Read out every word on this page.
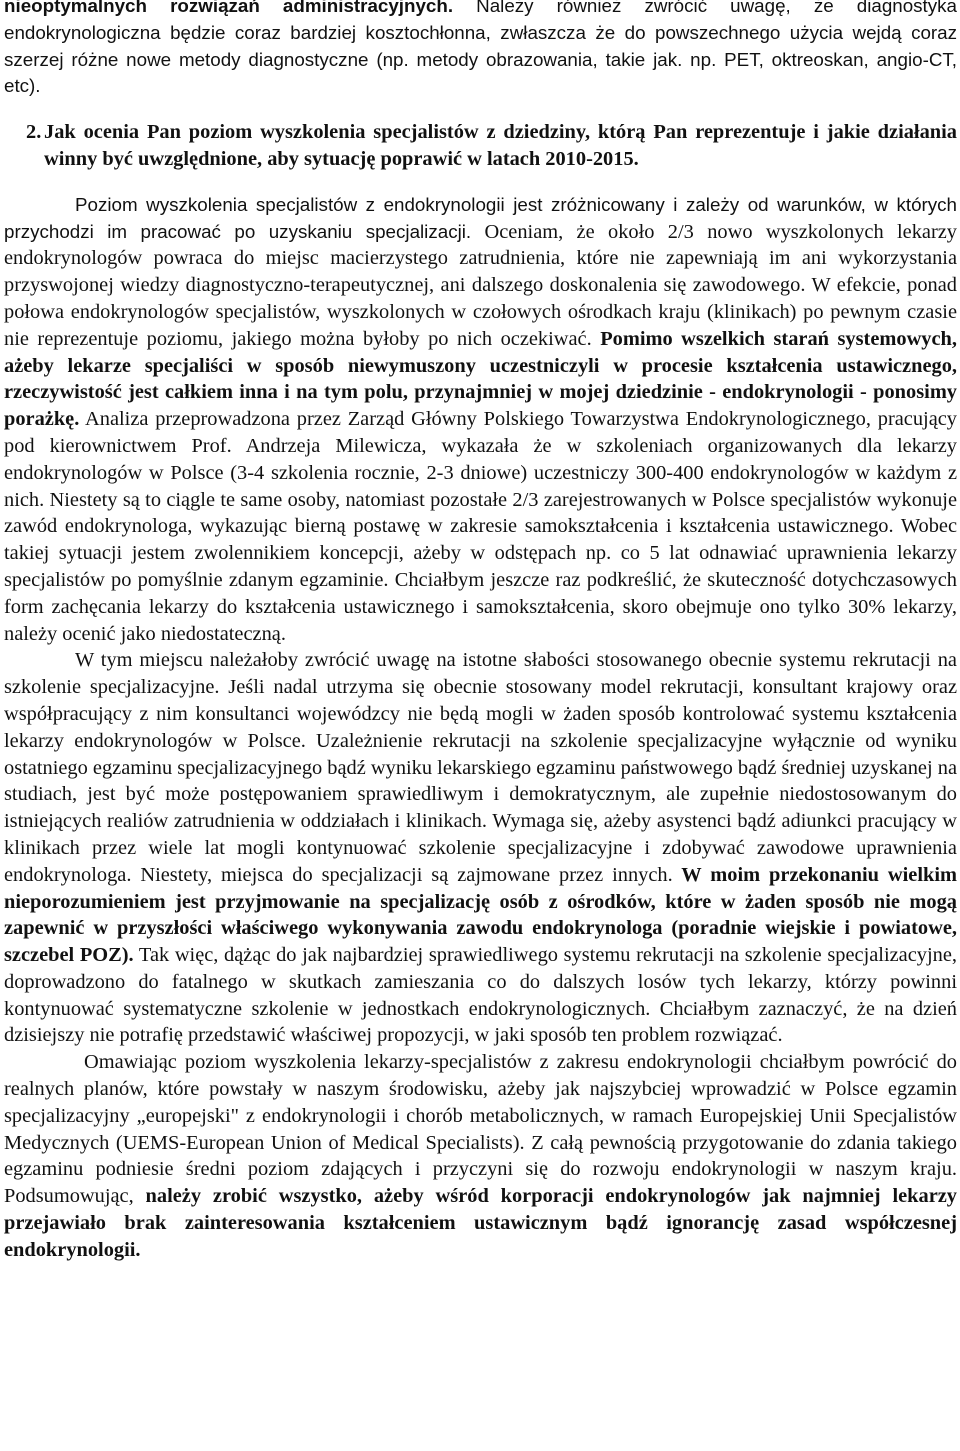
nieoptymalnych rozwiązań administracyjnych. Należy również zwrócić uwagę, że diagnostyka endokrynologiczna będzie coraz bardziej kosztochłonna, zwłaszcza że do powszechnego użycia wejdą coraz szerzej różne nowe metody diagnostyczne (np. metody obrazowania, takie jak. np. PET, oktreoskan, angio-CT, etc).

2. Jak ocenia Pan poziom wyszkolenia specjalistów z dziedziny, którą Pan reprezentuje i jakie działania winny być uwzględnione, aby sytuację poprawić w latach 2010-2015.

Poziom wyszkolenia specjalistów z endokrynologii jest zróżnicowany i zależy od warunków, w których przychodzi im pracować po uzyskaniu specjalizacji. Oceniam, że około 2/3 nowo wyszkolonych lekarzy endokrynologów powraca do miejsc macierzystego zatrudnienia, które nie zapewniają im ani wykorzystania przyswojonej wiedzy diagnostyczno-terapeutycznej, ani dalszego doskonalenia się zawodowego. W efekcie, ponad połowa endokrynologów specjalistów, wyszkolonych w czołowych ośrodkach kraju (klinikach) po pewnym czasie nie reprezentuje poziomu, jakiego można byłoby po nich oczekiwać. Pomimo wszelkich starań systemowych, ażeby lekarze specjaliści w sposób niewymuszony uczestniczyli w procesie kształcenia ustawicznego, rzeczywistość jest całkiem inna i na tym polu, przynajmniej w mojej dziedzinie - endokrynologii - ponosimy porażkę. Analiza przeprowadzona przez Zarząd Główny Polskiego Towarzystwa Endokrynologicznego, pracujący pod kierownictwem Prof. Andrzeja Milewicza, wykazała że w szkoleniach organizowanych dla lekarzy endokrynologów w Polsce (3-4 szkolenia rocznie, 2-3 dniowe) uczestniczy 300-400 endokrynologów w każdym z nich. Niestety są to ciągle te same osoby, natomiast pozostałe 2/3 zarejestrowanych w Polsce specjalistów wykonuje zawód endokrynologa, wykazując bierną postawę w zakresie samokształcenia i kształcenia ustawicznego. Wobec takiej sytuacji jestem zwolennikiem koncepcji, ażeby w odstępach np. co 5 lat odnawiać uprawnienia lekarzy specjalistów po pomyślnie zdanym egzaminie. Chciałbym jeszcze raz podkreślić, że skuteczność dotychczasowych form zachęcania lekarzy do kształcenia ustawicznego i samokształcenia, skoro obejmuje ono tylko 30% lekarzy, należy ocenić jako niedostateczną.

W tym miejscu należałoby zwrócić uwagę na istotne słabości stosowanego obecnie systemu rekrutacji na szkolenie specjalizacyjne. Jeśli nadal utrzyma się obecnie stosowany model rekrutacji, konsultant krajowy oraz współpracujący z nim konsultanci wojewódzcy nie będą mogli w żaden sposób kontrolować systemu kształcenia lekarzy endokrynologów w Polsce. Uzależnienie rekrutacji na szkolenie specjalizacyjne wyłącznie od wyniku ostatniego egzaminu specjalizacyjnego bądź wyniku lekarskiego egzaminu państwowego bądź średniej uzyskanej na studiach, jest być może postępowaniem sprawiedliwym i demokratycznym, ale zupełnie niedostosowanym do istniejących realiów zatrudnienia w oddziałach i klinikach. Wymaga się, ażeby asystenci bądź adiunkci pracujący w klinikach przez wiele lat mogli kontynuować szkolenie specjalizacyjne i zdobywać zawodowe uprawnienia endokrynologa. Niestety, miejsca do specjalizacji są zajmowane przez innych. W moim przekonaniu wielkim nieporozumieniem jest przyjmowanie na specjalizację osób z ośrodków, które w żaden sposób nie mogą zapewnić w przyszłości właściwego wykonywania zawodu endokrynologa (poradnie wiejskie i powiatowe, szczebel POZ). Tak więc, dążąc do jak najbardziej sprawiedliwego systemu rekrutacji na szkolenie specjalizacyjne, doprowadzono do fatalnego w skutkach zamieszania co do dalszych losów tych lekarzy, którzy powinni kontynuować systematyczne szkolenie w jednostkach endokrynologicznych. Chciałbym zaznaczyć, że na dzień dzisiejszy nie potrafię przedstawić właściwej propozycji, w jaki sposób ten problem rozwiązać.

Omawiając poziom wyszkolenia lekarzy-specjalistów z zakresu endokrynologii chciałbym powrócić do realnych planów, które powstały w naszym środowisku, ażeby jak najszybciej wprowadzić w Polsce egzamin specjalizacyjny „europejski" z endokrynologii i chorób metabolicznych, w ramach Europejskiej Unii Specjalistów Medycznych (UEMS-European Union of Medical Specialists). Z całą pewnością przygotowanie do zdania takiego egzaminu podniesie średni poziom zdających i przyczyni się do rozwoju endokrynologii w naszym kraju. Podsumowując, należy zrobić wszystko, ażeby wśród korporacji endokrynologów jak najmniej lekarzy przejawiało brak zainteresowania kształceniem ustawicznym bądź ignorancję zasad współczesnej endokrynologii.
